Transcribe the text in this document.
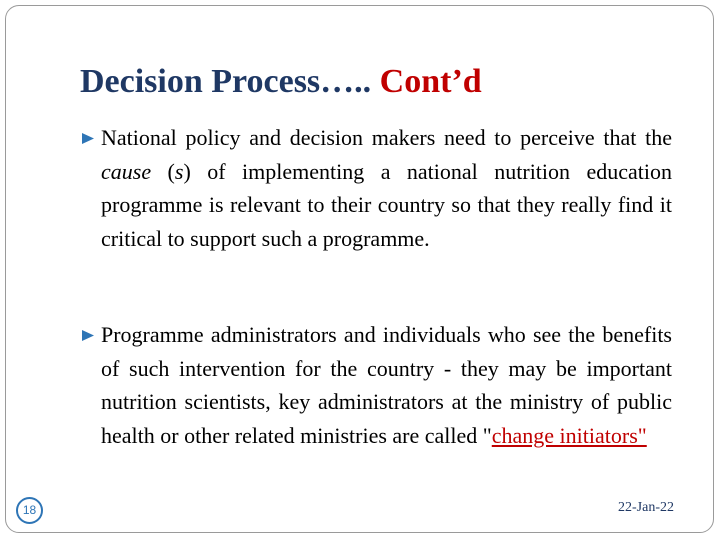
Decision Process….. Cont’d

National policy and decision makers need to perceive that the cause (s) of implementing a national nutrition education programme is relevant to their country so that they really find it critical to support such a programme.

Programme administrators and individuals who see the benefits of such intervention for the country - they may be important nutrition scientists, key administrators at the ministry of public health or other related ministries are called "change initiators"

18	22-Jan-22
